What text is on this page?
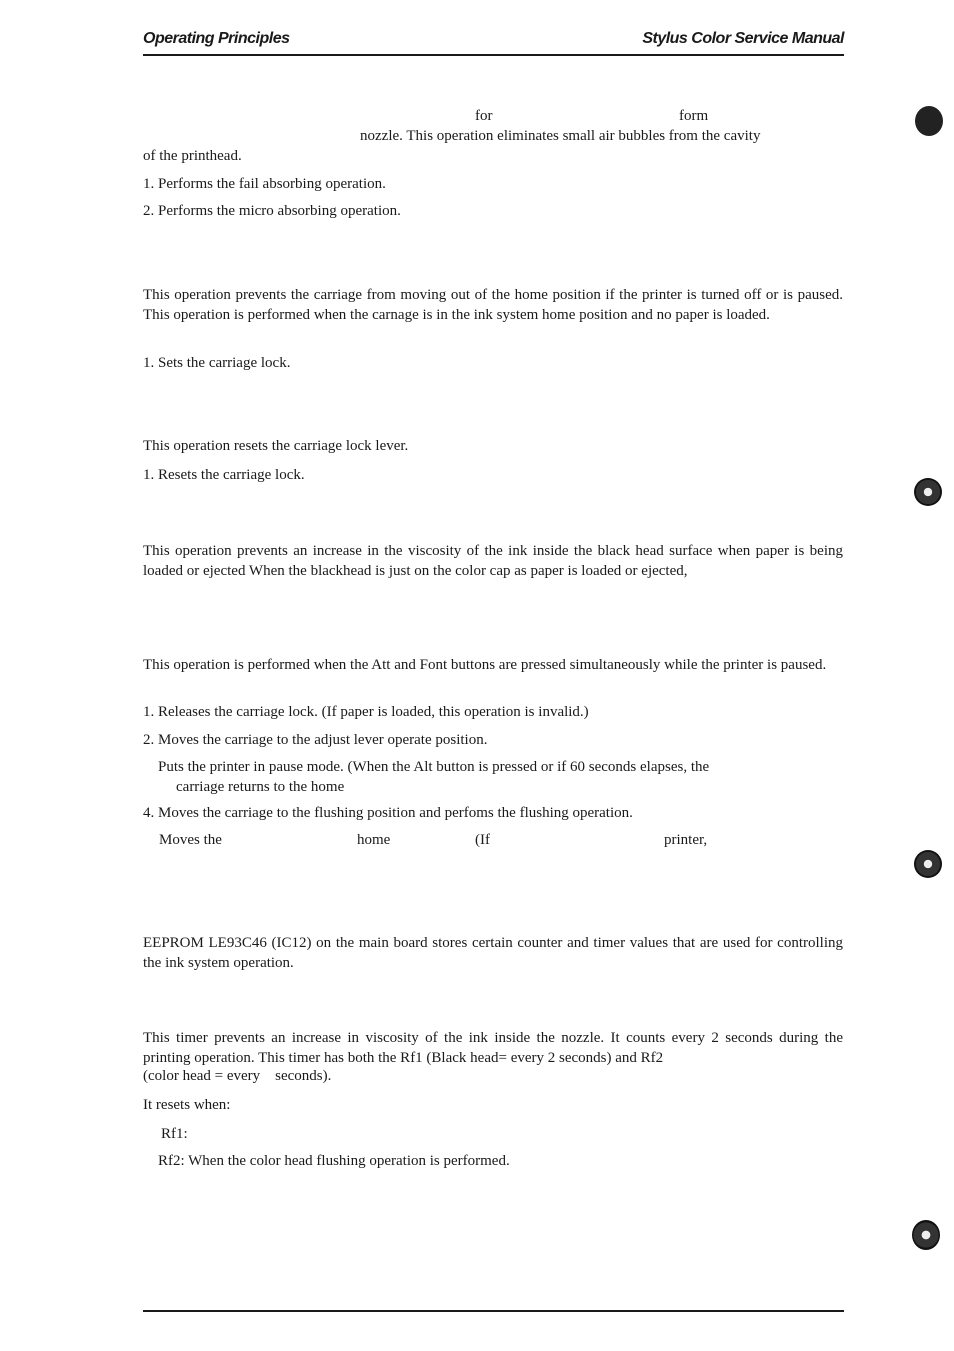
Operating Principles	Stylus Color Service Manual
for	form
nozzle. This operation eliminates small air bubbles from the cavity
of the printhead.
1. Performs the fail absorbing operation.
2. Performs the micro absorbing operation.
This operation prevents the carriage from moving out of the home position if the printer is turned off or is paused. This operation is performed when the carnage is in the ink system home position and no paper is loaded.
1. Sets the carriage lock.
This operation resets the carriage lock lever.
1. Resets the carriage lock.
This operation prevents an increase in the viscosity of the ink inside the black head surface when paper is being loaded or ejected When the blackhead is just on the color cap as paper is loaded or ejected,
This operation is performed when the Att and Font buttons are pressed simultaneously while the printer is paused.
1. Releases the carriage lock. (If paper is loaded, this operation is invalid.)
2. Moves the carriage to the adjust lever operate position.
Puts the printer in pause mode. (When the Alt button is pressed or if 60 seconds elapses, the
carriage returns to the home
4. Moves the carriage to the flushing position and perfoms the flushing operation.
Moves the	home	(If	printer,
EEPROM LE93C46 (IC12) on the main board stores certain counter and timer values that are used for controlling the ink system operation.
This timer prevents an increase in viscosity of the ink inside the nozzle. It counts every 2 seconds during the printing operation. This timer has both the Rf1 (Black head= every 2 seconds) and Rf2
(color head = every    seconds).
It resets when:
Rf1:
Rf2: When the color head flushing operation is performed.
